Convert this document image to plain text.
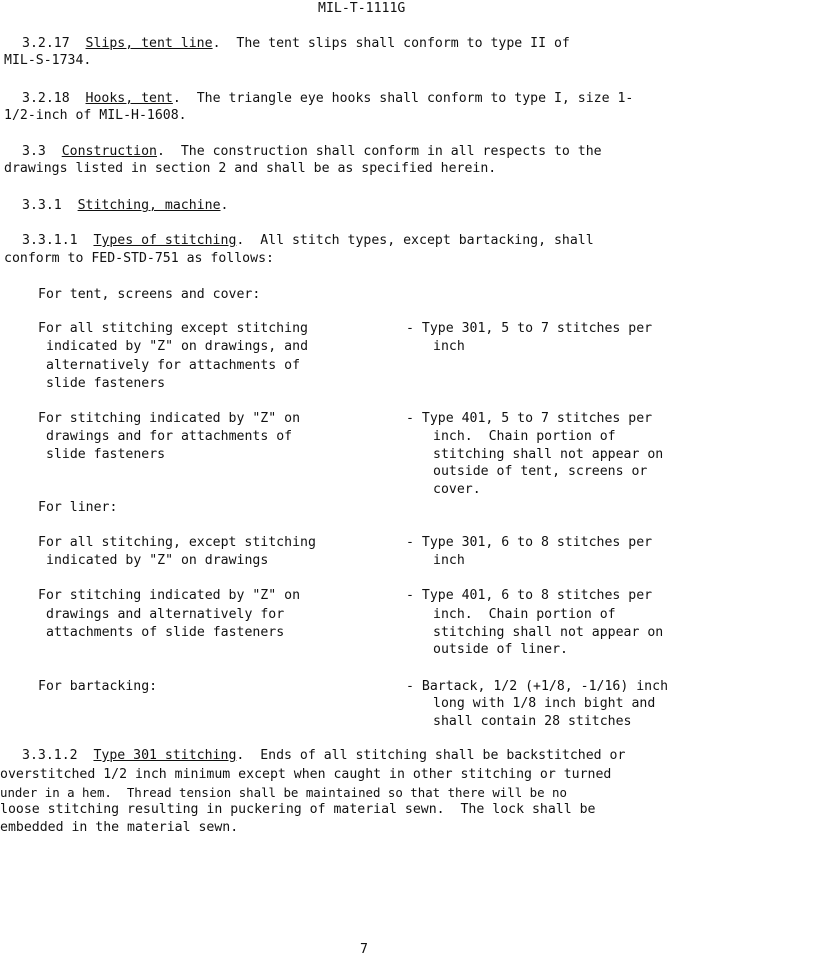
MIL-T-1111G
3.2.17 Slips, tent line.  The tent slips shall conform to type II of
MIL-S-1734.
3.2.18 Hooks, tent.  The triangle eye hooks shall conform to type I, size 1-
1/2-inch of MIL-H-1608.
3.3 Construction.  The construction shall conform in all respects to the
drawings listed in section 2 and shall be as specified herein.
3.3.1 Stitching, machine.
3.3.1.1 Types of stitching.  All stitch types, except bartacking, shall
conform to FED-STD-751 as follows:
For tent, screens and cover:
For all stitching except stitching
indicated by "Z" on drawings, and
alternatively for attachments of
slide fasteners
- Type 301, 5 to 7 stitches per
inch
For stitching indicated by "Z" on
drawings and for attachments of
slide fasteners
- Type 401, 5 to 7 stitches per
inch.  Chain portion of
stitching shall not appear on
outside of tent, screens or
cover.
For liner:
For all stitching, except stitching
indicated by "Z" on drawings
- Type 301, 6 to 8 stitches per
inch
For stitching indicated by "Z" on
drawings and alternatively for
attachments of slide fasteners
- Type 401, 6 to 8 stitches per
inch.  Chain portion of
stitching shall not appear on
outside of liner.
For bartacking:	- Bartack, 1/2 (+1/8, -1/16) inch
long with 1/8 inch bight and
shall contain 28 stitches
3.3.1.2 Type 301 stitching.  Ends of all stitching shall be backstitched or
overstitched 1/2 inch minimum except when caught in other stitching or turned
under in a hem.  Thread tension shall be maintained so that there will be no
loose stitching resulting in puckering of material sewn.  The lock shall be
embedded in the material sewn.
7
